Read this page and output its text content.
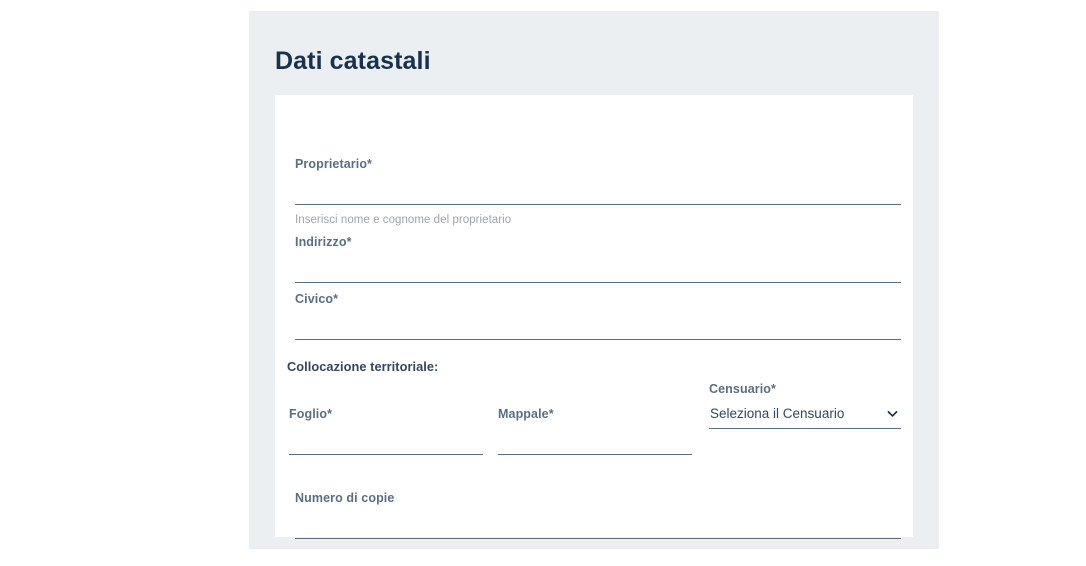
Dati catastali
Proprietario*
Inserisci nome e cognome del proprietario
Indirizzo*
Civico*
Collocazione territoriale:
Foglio*	Mappale*
Censuario*
Seleziona il Censuario
Numero di copie
